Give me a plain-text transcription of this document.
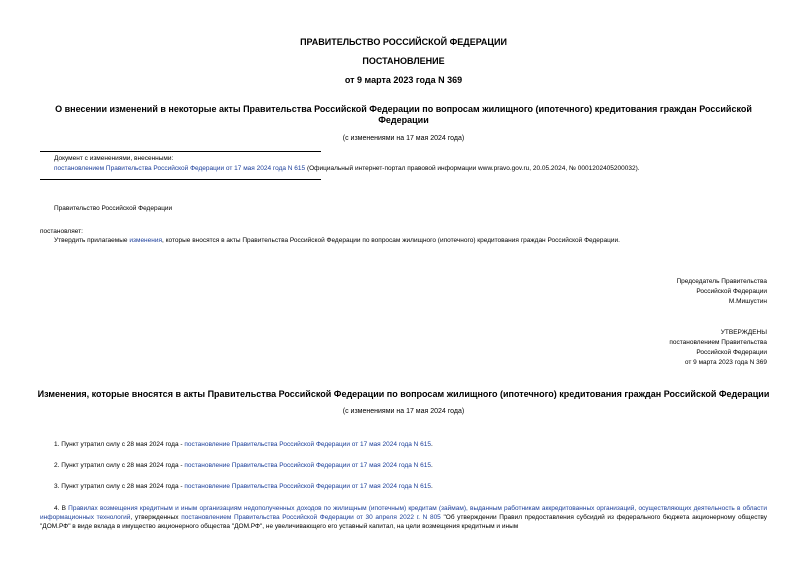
ПРАВИТЕЛЬСТВО РОССИЙСКОЙ ФЕДЕРАЦИИ
ПОСТАНОВЛЕНИЕ
от 9 марта 2023 года N 369
О внесении изменений в некоторые акты Правительства Российской Федерации по вопросам жилищного (ипотечного) кредитования граждан Российской
Федерации
(с изменениями на 17 мая 2024 года)
Документ с изменениями, внесенными:
постановлением Правительства Российской Федерации от 17 мая 2024 года N 615 (Официальный интернет-портал правовой информации www.pravo.gov.ru, 20.05.2024, № 0001202405200032).
Правительство Российской Федерации
постановляет:
Утвердить прилагаемые изменения, которые вносятся в акты Правительства Российской Федерации по вопросам жилищного (ипотечного) кредитования граждан Российской Федерации.
Председатель Правительства
Российской Федерации
М.Мишустин
УТВЕРЖДЕНЫ
постановлением Правительства
Российской Федерации
от 9 марта 2023 года N 369
Изменения, которые вносятся в акты Правительства Российской Федерации по вопросам жилищного (ипотечного) кредитования граждан Российской Федерации
(с изменениями на 17 мая 2024 года)
1. Пункт утратил силу с 28 мая 2024 года - постановление Правительства Российской Федерации от 17 мая 2024 года N 615.
2. Пункт утратил силу с 28 мая 2024 года - постановление Правительства Российской Федерации от 17 мая 2024 года N 615.
3. Пункт утратил силу с 28 мая 2024 года - постановление Правительства Российской Федерации от 17 мая 2024 года N 615.
4. В Правилах возмещения кредитным и иным организациям недополученных доходов по жилищным (ипотечным) кредитам (займам), выданным работникам аккредитованных организаций, осуществляющих деятельность в области информационных технологий, утвержденных постановлением Правительства Российской Федерации от 30 апреля 2022 г. N 805 "Об утверждении Правил предоставления субсидий из федерального бюджета акционерному обществу "ДОМ.РФ" в виде вклада в имущество акционерного общества "ДОМ.РФ", не увеличивающего его уставный капитал, на цели возмещения кредитным и иным
